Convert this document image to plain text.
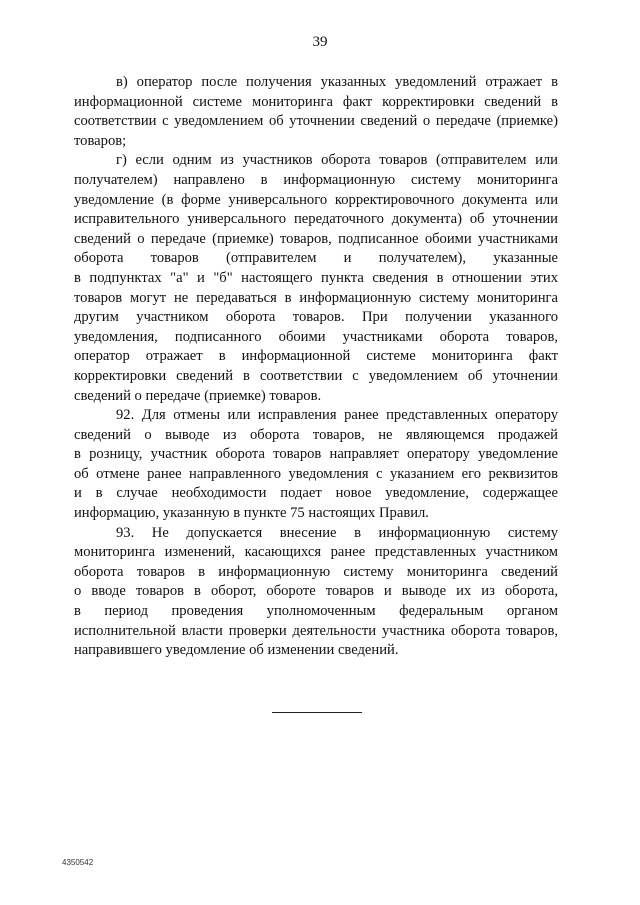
39

в) оператор после получения указанных уведомлений отражает в
информационной системе мониторинга факт корректировки сведений в
соответствии с уведомлением об уточнении сведений о передаче (приемке)
товаров;

г) если одним из участников оборота товаров (отправителем или
получателем) направлено в информационную систему мониторинга
уведомление (в форме универсального корректировочного документа или
исправительного универсального передаточного документа) об уточнении
сведений о передаче (приемке) товаров, подписанное обоими участниками
оборота товаров (отправителем и получателем), указанные
в подпунктах "а" и "б" настоящего пункта сведения в отношении этих
товаров могут не передаваться в информационную систему мониторинга
другим участником оборота товаров. При получении указанного
уведомления, подписанного обоими участниками оборота товаров,
оператор отражает в информационной системе мониторинга факт
корректировки сведений в соответствии с уведомлением об уточнении
сведений о передаче (приемке) товаров.

92. Для отмены или исправления ранее представленных оператору
сведений о выводе из оборота товаров, не являющемся продажей
в розницу, участник оборота товаров направляет оператору уведомление
об отмене ранее направленного уведомления с указанием его реквизитов
и в случае необходимости подает новое уведомление, содержащее
информацию, указанную в пункте 75 настоящих Правил.

93. Не допускается внесение в информационную систему
мониторинга изменений, касающихся ранее представленных участником
оборота товаров в информационную систему мониторинга сведений
о вводе товаров в оборот, обороте товаров и выводе их из оборота,
в период проведения уполномоченным федеральным органом
исполнительной власти проверки деятельности участника оборота товаров,
направившего уведомление об изменении сведений.

4350542
